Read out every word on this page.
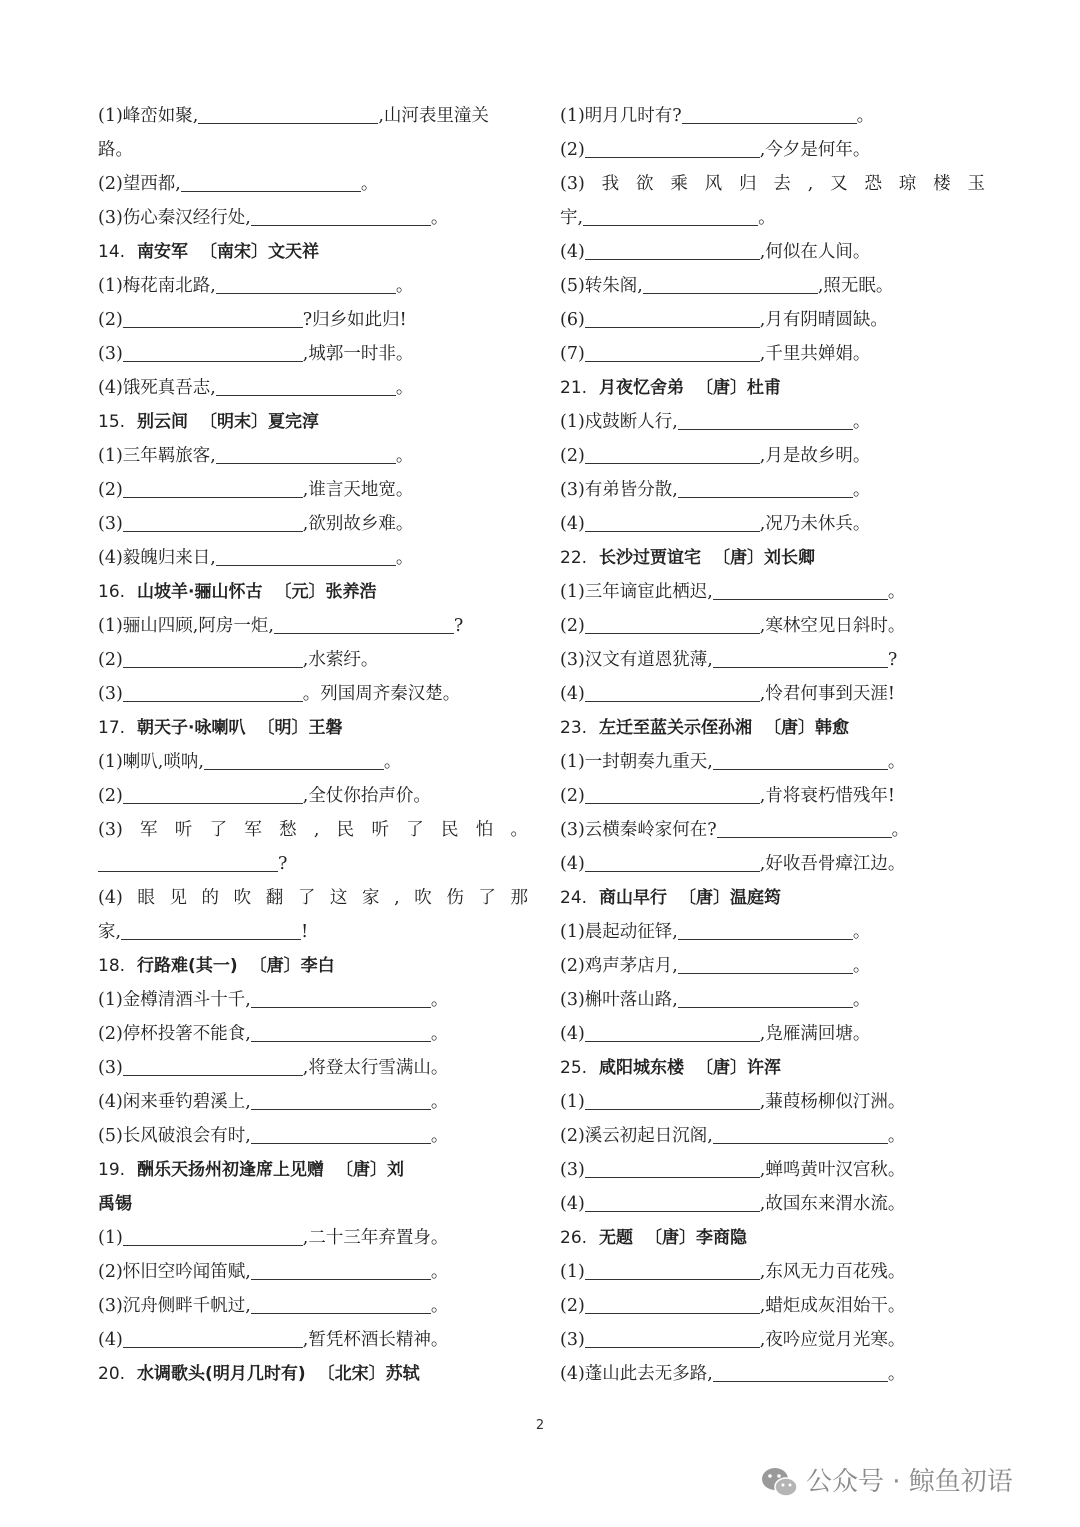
(1)峰峦如聚,	,山河表里潼关
路。
(2)望西都,	。
(3)伤心秦汉经行处,	。
14. 南安军 〔南宋〕文天祥
(1)梅花南北路,	。
(2)	?归乡如此归!
(3)	,城郭一时非。
(4)饿死真吾志,	。
15. 别云间 〔明末〕夏完淳
(1)三年羁旅客,	。
(2)	,谁言天地宽。
(3)	,欲别故乡难。
(4)毅魄归来日,	。
16. 山坡羊·骊山怀古 〔元〕张养浩
(1)骊山四顾,阿房一炬,	?
(2)	,水萦纡。
(3)	。列国周齐秦汉楚。
17. 朝天子·咏喇叭 〔明〕王磐
(1)喇叭,唢呐,	。
(2)	,全仗你抬声价。
(3)军听了军愁,民听了民怕。
?
(4)眼见的吹翻了这家,吹伤了那
家,	!
18. 行路难(其一) 〔唐〕李白
(1)金樽清酒斗十千,	。
(2)停杯投箸不能食,	。
(3)	,将登太行雪满山。
(4)闲来垂钓碧溪上,	。
(5)长风破浪会有时,	。
19. 酬乐天扬州初逢席上见赠 〔唐〕刘
禹锡
(1)	,二十三年弃置身。
(2)怀旧空吟闻笛赋,	。
(3)沉舟侧畔千帆过,	。
(4)	,暂凭杯酒长精神。
20. 水调歌头(明月几时有) 〔北宋〕苏轼
(1)明月几时有?	。
(2)	,今夕是何年。
(3)我欲乘风归去,又恐琼楼玉
宇,	。
(4)	,何似在人间。
(5)转朱阁,	,照无眠。
(6)	,月有阴晴圆缺。
(7)	,千里共婵娟。
21. 月夜忆舍弟 〔唐〕杜甫
(1)戍鼓断人行,	。
(2)	,月是故乡明。
(3)有弟皆分散,	。
(4)	,况乃未休兵。
22. 长沙过贾谊宅 〔唐〕刘长卿
(1)三年谪宦此栖迟,	。
(2)	,寒林空见日斜时。
(3)汉文有道恩犹薄,	?
(4)	,怜君何事到天涯!
23. 左迁至蓝关示侄孙湘 〔唐〕韩愈
(1)一封朝奏九重天,	。
(2)	,肯将衰朽惜残年!
(3)云横秦岭家何在?	。
(4)	,好收吾骨瘴江边。
24. 商山早行 〔唐〕温庭筠
(1)晨起动征铎,	。
(2)鸡声茅店月,	。
(3)槲叶落山路,	。
(4)	,凫雁满回塘。
25. 咸阳城东楼 〔唐〕许浑
(1)	,蒹葭杨柳似汀洲。
(2)溪云初起日沉阁,	。
(3)	,蝉鸣黄叶汉宫秋。
(4)	,故国东来渭水流。
26. 无题 〔唐〕李商隐
(1)	,东风无力百花残。
(2)	,蜡炬成灰泪始干。
(3)	,夜吟应觉月光寒。
(4)蓬山此去无多路,	。
2
公众号 · 鲸鱼初语
